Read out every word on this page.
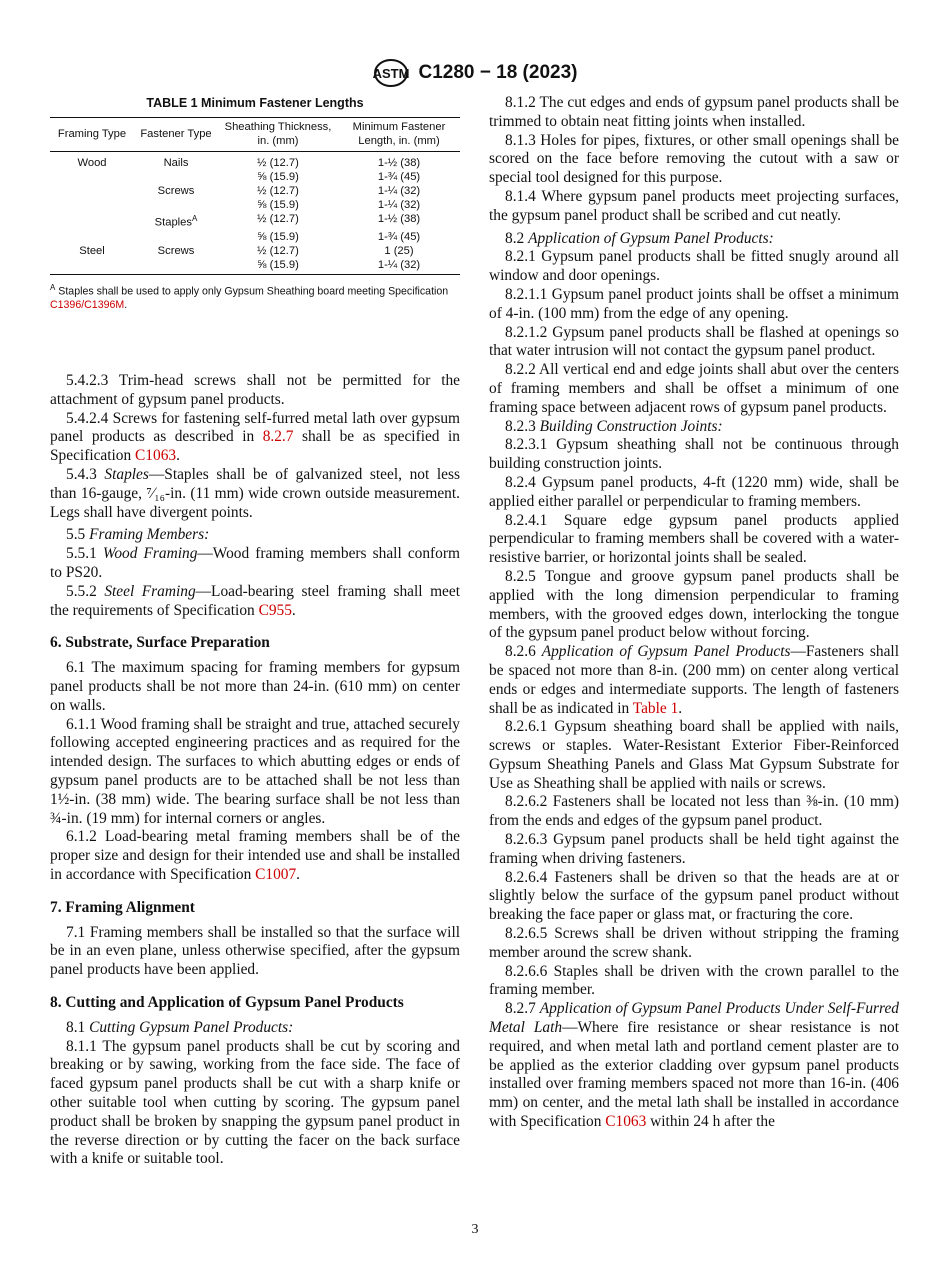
ASTM C1280 − 18 (2023)
TABLE 1 Minimum Fastener Lengths
Framing Type	Fastener Type	Sheathing Thickness, in. (mm)	Minimum Fastener Length, in. (mm)
Wood	Nails	½ (12.7)	1-½ (38)
		⅝ (15.9)	1-¾ (45)
	Screws	½ (12.7)	1-¼ (32)
		⅝ (15.9)	1-¼ (32)
	Staples$^A$	½ (12.7)	1-½ (38)
		⅝ (15.9)	1-¾ (45)
Steel	Screws	½ (12.7)	1 (25)
		⅝ (15.9)	1-¼ (32)

$^A$ Staples shall be used to apply only Gypsum Sheathing board meeting Specification C1396/C1396M.

5.4.2.3 Trim-head screws shall not be permitted for the attachment of gypsum panel products.

5.4.2.4 Screws for fastening self-furred metal lath over gypsum panel products as described in 8.2.7 shall be as specified in Specification C1063.

5.4.3 Staples—Staples shall be of galvanized steel, not less than 16-gauge, ⁷⁄₁₆-in. (11 mm) wide crown outside measurement. Legs shall have divergent points.

5.5 Framing Members:

5.5.1 Wood Framing—Wood framing members shall conform to PS20.

5.5.2 Steel Framing—Load-bearing steel framing shall meet the requirements of Specification C955.

6. Substrate, Surface Preparation

6.1 The maximum spacing for framing members for gypsum panel products shall be not more than 24-in. (610 mm) on center on walls.

6.1.1 Wood framing shall be straight and true, attached securely following accepted engineering practices and as required for the intended design. The surfaces to which abutting edges or ends of gypsum panel products are to be attached shall be not less than 1½-in. (38 mm) wide. The bearing surface shall be not less than ¾-in. (19 mm) for internal corners or angles.

6.1.2 Load-bearing metal framing members shall be of the proper size and design for their intended use and shall be installed in accordance with Specification C1007.

7. Framing Alignment

7.1 Framing members shall be installed so that the surface will be in an even plane, unless otherwise specified, after the gypsum panel products have been applied.

8. Cutting and Application of Gypsum Panel Products

8.1 Cutting Gypsum Panel Products:

8.1.1 The gypsum panel products shall be cut by scoring and breaking or by sawing, working from the face side. The face of faced gypsum panel products shall be cut with a sharp knife or other suitable tool when cutting by scoring. The gypsum panel product shall be broken by snapping the gypsum panel product in the reverse direction or by cutting the facer on the back surface with a knife or suitable tool.

8.1.2 The cut edges and ends of gypsum panel products shall be trimmed to obtain neat fitting joints when installed.

8.1.3 Holes for pipes, fixtures, or other small openings shall be scored on the face before removing the cutout with a saw or special tool designed for this purpose.

8.1.4 Where gypsum panel products meet projecting surfaces, the gypsum panel product shall be scribed and cut neatly.

8.2 Application of Gypsum Panel Products:

8.2.1 Gypsum panel products shall be fitted snugly around all window and door openings.

8.2.1.1 Gypsum panel product joints shall be offset a minimum of 4-in. (100 mm) from the edge of any opening.

8.2.1.2 Gypsum panel products shall be flashed at openings so that water intrusion will not contact the gypsum panel product.

8.2.2 All vertical end and edge joints shall abut over the centers of framing members and shall be offset a minimum of one framing space between adjacent rows of gypsum panel products.

8.2.3 Building Construction Joints:

8.2.3.1 Gypsum sheathing shall not be continuous through building construction joints.

8.2.4 Gypsum panel products, 4-ft (1220 mm) wide, shall be applied either parallel or perpendicular to framing members.

8.2.4.1 Square edge gypsum panel products applied perpendicular to framing members shall be covered with a water-resistive barrier, or horizontal joints shall be sealed.

8.2.5 Tongue and groove gypsum panel products shall be applied with the long dimension perpendicular to framing members, with the grooved edges down, interlocking the tongue of the gypsum panel product below without forcing.

8.2.6 Application of Gypsum Panel Products—Fasteners shall be spaced not more than 8-in. (200 mm) on center along vertical ends or edges and intermediate supports. The length of fasteners shall be as indicated in Table 1.

8.2.6.1 Gypsum sheathing board shall be applied with nails, screws or staples. Water-Resistant Exterior Fiber-Reinforced Gypsum Sheathing Panels and Glass Mat Gypsum Substrate for Use as Sheathing shall be applied with nails or screws.

8.2.6.2 Fasteners shall be located not less than ⅜-in. (10 mm) from the ends and edges of the gypsum panel product.

8.2.6.3 Gypsum panel products shall be held tight against the framing when driving fasteners.

8.2.6.4 Fasteners shall be driven so that the heads are at or slightly below the surface of the gypsum panel product without breaking the face paper or glass mat, or fracturing the core.

8.2.6.5 Screws shall be driven without stripping the framing member around the screw shank.

8.2.6.6 Staples shall be driven with the crown parallel to the framing member.

8.2.7 Application of Gypsum Panel Products Under Self-Furred Metal Lath—Where fire resistance or shear resistance is not required, and when metal lath and portland cement plaster are to be applied as the exterior cladding over gypsum panel products installed over framing members spaced not more than 16-in. (406 mm) on center, and the metal lath shall be installed in accordance with Specification C1063 within 24 h after the

3
